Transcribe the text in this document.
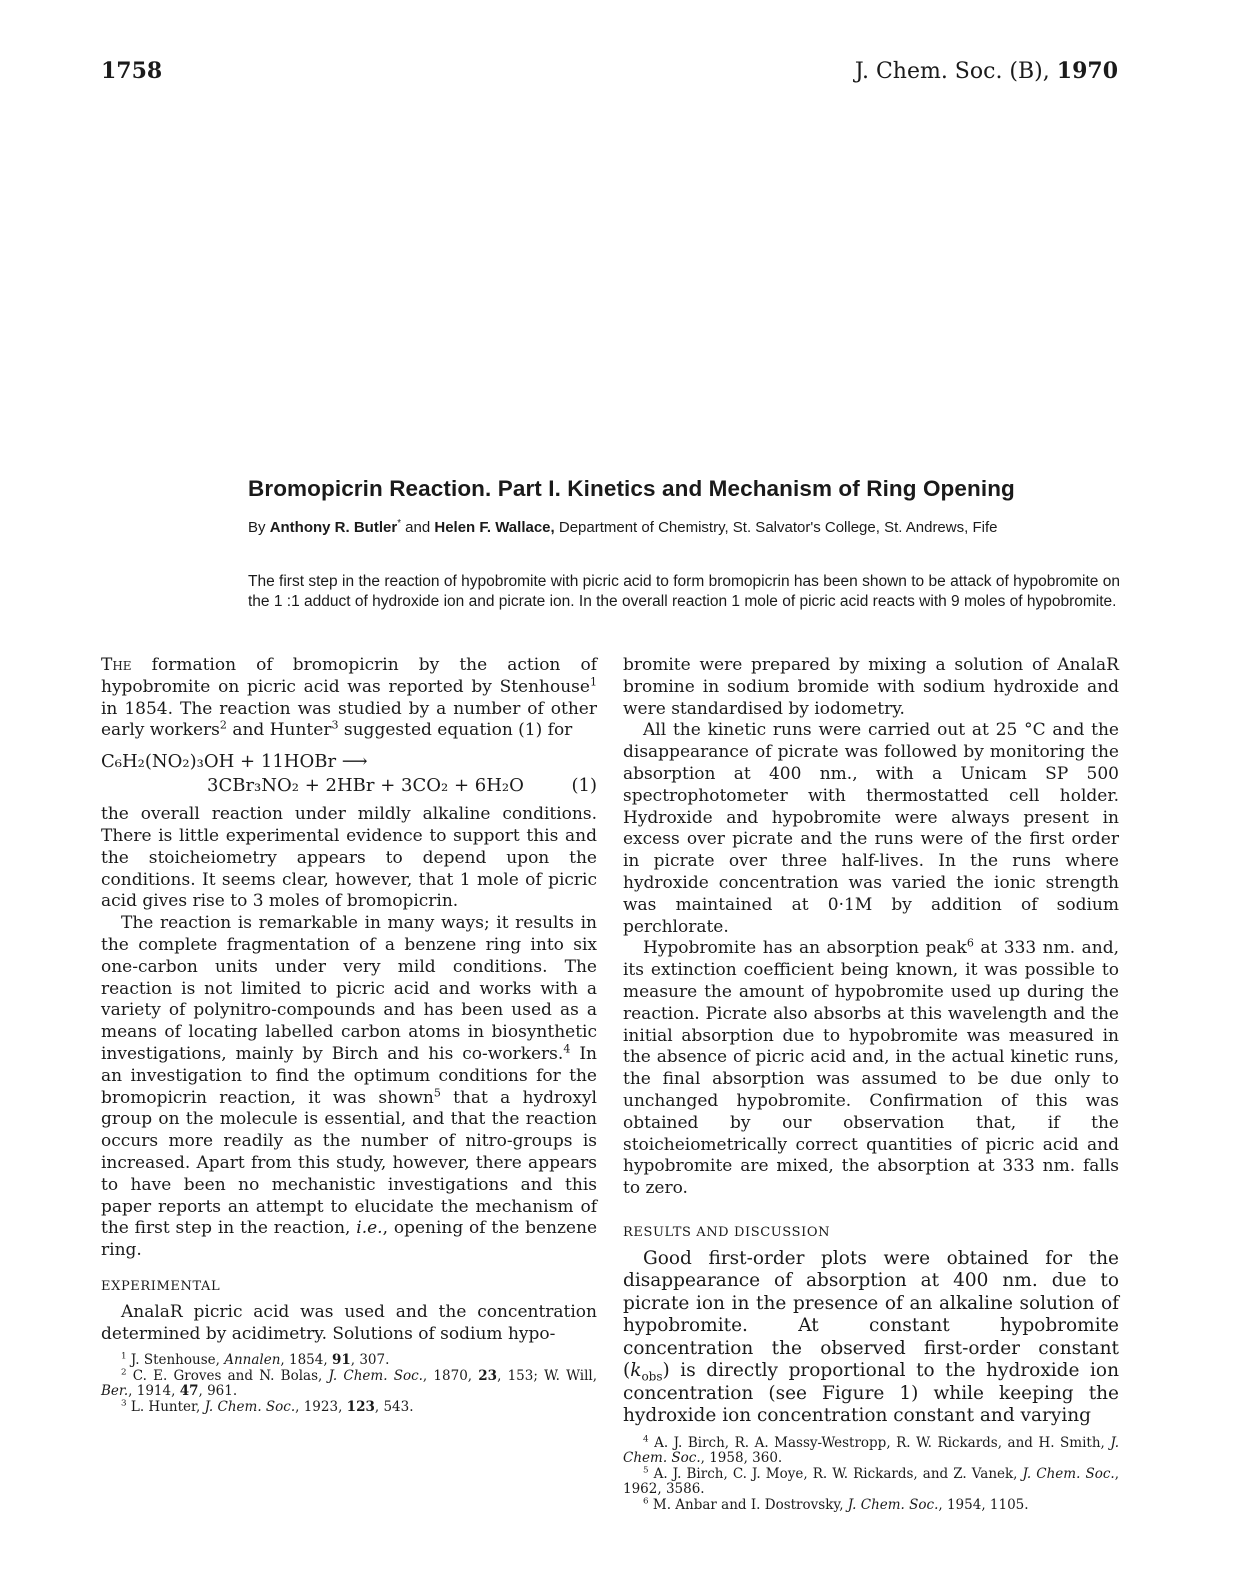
1758	J. Chem. Soc. (B), 1970
Bromopicrin Reaction. Part I. Kinetics and Mechanism of Ring Opening
By Anthony R. Butler* and Helen F. Wallace, Department of Chemistry, St. Salvator's College, St. Andrews, Fife
The first step in the reaction of hypobromite with picric acid to form bromopicrin has been shown to be attack of hypobromite on the 1 :1 adduct of hydroxide ion and picrate ion. In the overall reaction 1 mole of picric acid reacts with 9 moles of hypobromite.

The formation of bromopicrin by the action of hypobromite on picric acid was reported by Stenhouse$^1$ in 1854. The reaction was studied by a number of other early workers$^2$ and Hunter$^3$ suggested equation (1) for

C₆H₂(NO₂)₃OH + 11HOBr ⟶
3CBr₃NO₂ + 2HBr + 3CO₂ + 6H₂O	(1)

the overall reaction under mildly alkaline conditions. There is little experimental evidence to support this and the stoicheiometry appears to depend upon the conditions. It seems clear, however, that 1 mole of picric acid gives rise to 3 moles of bromopicrin.

The reaction is remarkable in many ways; it results in the complete fragmentation of a benzene ring into six one-carbon units under very mild conditions. The reaction is not limited to picric acid and works with a variety of polynitro-compounds and has been used as a means of locating labelled carbon atoms in biosynthetic investigations, mainly by Birch and his co-workers.$^4$ In an investigation to find the optimum conditions for the bromopicrin reaction, it was shown$^5$ that a hydroxyl group on the molecule is essential, and that the reaction occurs more readily as the number of nitro-groups is increased. Apart from this study, however, there appears to have been no mechanistic investigations and this paper reports an attempt to elucidate the mechanism of the first step in the reaction, i.e., opening of the benzene ring.

EXPERIMENTAL

AnalaR picric acid was used and the concentration determined by acidimetry. Solutions of sodium hypo-

$^1$ J. Stenhouse, Annalen, 1854, 91, 307.

$^2$ C. E. Groves and N. Bolas, J. Chem. Soc., 1870, 23, 153; W. Will, Ber., 1914, 47, 961.

$^3$ L. Hunter, J. Chem. Soc., 1923, 123, 543.

bromite were prepared by mixing a solution of AnalaR bromine in sodium bromide with sodium hydroxide and were standardised by iodometry.

All the kinetic runs were carried out at 25 °C and the disappearance of picrate was followed by monitoring the absorption at 400 nm., with a Unicam SP 500 spectrophotometer with thermostatted cell holder. Hydroxide and hypobromite were always present in excess over picrate and the runs were of the first order in picrate over three half-lives. In the runs where hydroxide concentration was varied the ionic strength was maintained at 0·1M by addition of sodium perchlorate.

Hypobromite has an absorption peak$^6$ at 333 nm. and, its extinction coefficient being known, it was possible to measure the amount of hypobromite used up during the reaction. Picrate also absorbs at this wavelength and the initial absorption due to hypobromite was measured in the absence of picric acid and, in the actual kinetic runs, the final absorption was assumed to be due only to unchanged hypobromite. Confirmation of this was obtained by our observation that, if the stoicheiometrically correct quantities of picric acid and hypobromite are mixed, the absorption at 333 nm. falls to zero.

RESULTS AND DISCUSSION

Good first-order plots were obtained for the disappearance of absorption at 400 nm. due to picrate ion in the presence of an alkaline solution of hypobromite. At constant hypobromite concentration the observed first-order constant $(k_{obs})$ is directly proportional to the hydroxide ion concentration (see Figure 1) while keeping the hydroxide ion concentration constant and varying

$^4$ A. J. Birch, R. A. Massy-Westropp, R. W. Rickards, and H. Smith, J. Chem. Soc., 1958, 360.

$^5$ A. J. Birch, C. J. Moye, R. W. Rickards, and Z. Vanek, J. Chem. Soc., 1962, 3586.

$^6$ M. Anbar and I. Dostrovsky, J. Chem. Soc., 1954, 1105.
